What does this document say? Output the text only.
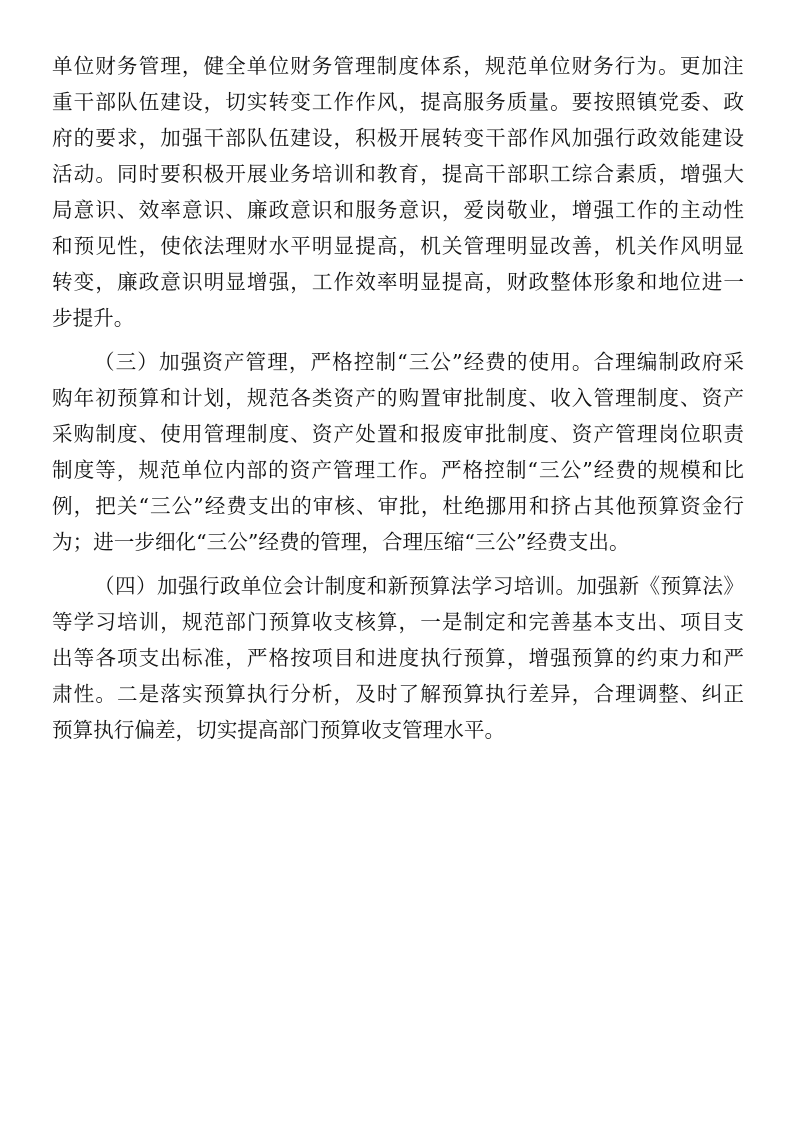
单位财务管理，健全单位财务管理制度体系，规范单位财务行为。更加注
重干部队伍建设，切实转变工作作风，提高服务质量。要按照镇党委、政
府的要求，加强干部队伍建设，积极开展转变干部作风加强行政效能建设
活动。同时要积极开展业务培训和教育，提高干部职工综合素质，增强大
局意识、效率意识、廉政意识和服务意识，爱岗敬业，增强工作的主动性
和预见性，使依法理财水平明显提高，机关管理明显改善，机关作风明显
转变，廉政意识明显增强，工作效率明显提高，财政整体形象和地位进一
步提升。
（三）加强资产管理，严格控制“三公”经费的使用。合理编制政府采
购年初预算和计划，规范各类资产的购置审批制度、收入管理制度、资产
采购制度、使用管理制度、资产处置和报废审批制度、资产管理岗位职责
制度等，规范单位内部的资产管理工作。严格控制“三公”经费的规模和比
例，把关“三公”经费支出的审核、审批，杜绝挪用和挤占其他预算资金行
为；进一步细化“三公”经费的管理，合理压缩“三公”经费支出。
（四）加强行政单位会计制度和新预算法学习培训。加强新《预算法》
等学习培训，规范部门预算收支核算，一是制定和完善基本支出、项目支
出等各项支出标准，严格按项目和进度执行预算，增强预算的约束力和严
肃性。二是落实预算执行分析，及时了解预算执行差异，合理调整、纠正
预算执行偏差，切实提高部门预算收支管理水平。
